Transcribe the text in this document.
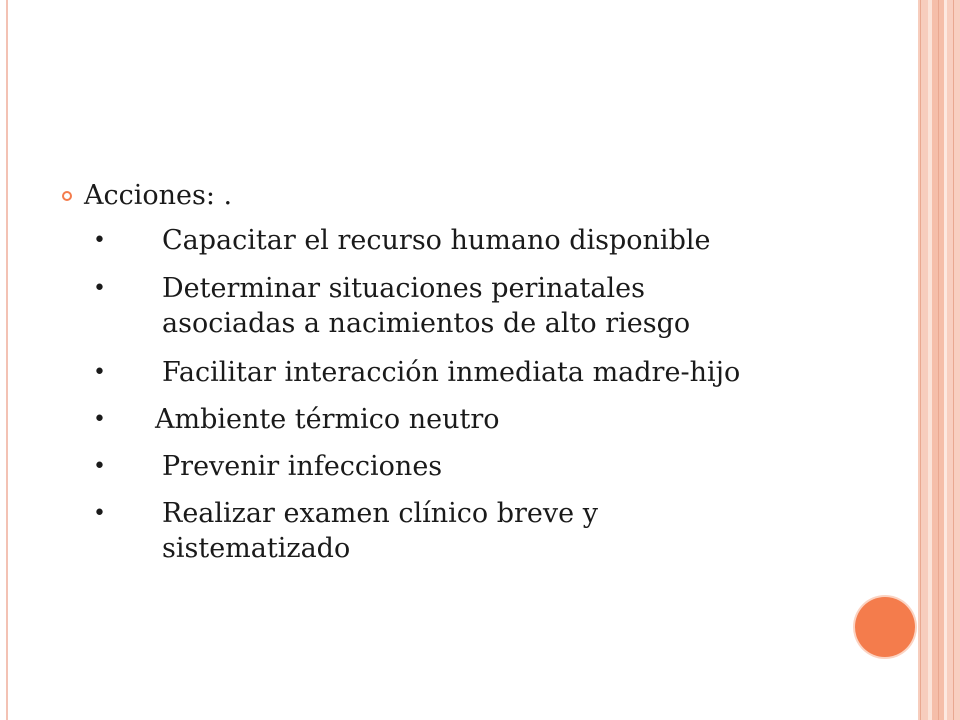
Acciones: .
• Capacitar el recurso humano disponible
• Determinar situaciones perinatales
asociadas a nacimientos de alto riesgo
• Facilitar interacción inmediata madre-hijo
• Ambiente térmico neutro
• Prevenir infecciones
• Realizar examen clínico breve y
sistematizado
